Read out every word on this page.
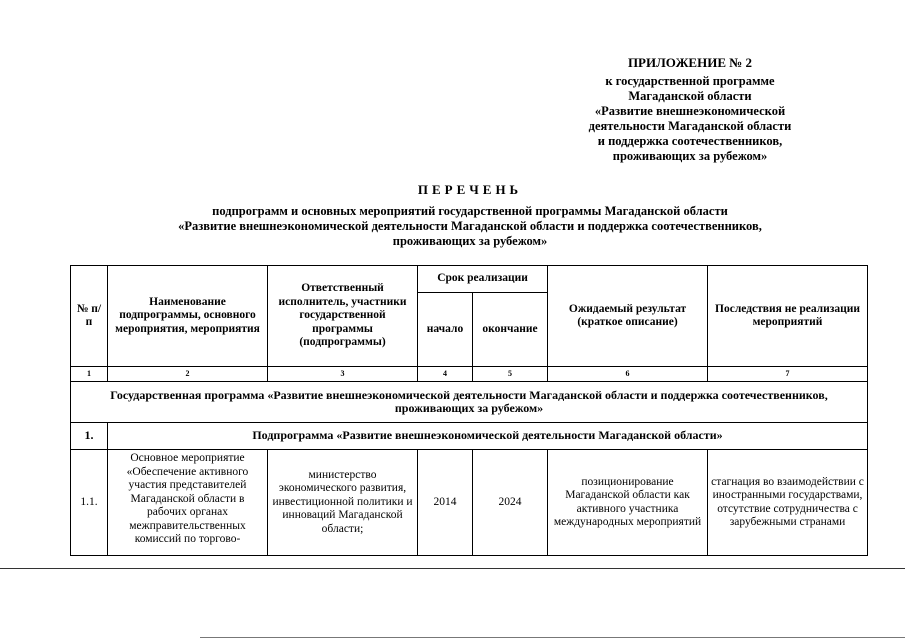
ПРИЛОЖЕНИЕ № 2
к государственной программе
Магаданской области
«Развитие внешнеэкономической
деятельности Магаданской области
и поддержка соотечественников,
проживающих за рубежом»
ПЕРЕЧЕНЬ
подпрограмм и основных мероприятий государственной программы Магаданской области
«Развитие внешнеэкономической деятельности Магаданской области и поддержка соотечественников,
проживающих за рубежом»
№ п/п	Наименование подпрограммы, основного мероприятия, мероприятия	Ответственный исполнитель, участники государственной программы (подпрограммы)	Срок реализации		Ожидаемый результат (краткое описание)	Последствия не реализации мероприятий
			начало	окончание		
1	2	3	4	5	6	7
Государственная программа «Развитие внешнеэкономической деятельности Магаданской области и поддержка соотечественников, проживающих за рубежом»						
1.	Подпрограмма «Развитие внешнеэкономической деятельности Магаданской области»					
1.1.	Основное мероприятие «Обеспечение активного участия представителей Магаданской области в рабочих органах межправительственных комиссий по торгово-	министерство экономического развития, инвестиционной политики и инноваций Магаданской области;	2014	2024	позиционирование Магаданской области как активного участника международных мероприятий	стагнация во взаимодействии с иностранными государствами, отсутствие сотрудничества с зарубежными странами
